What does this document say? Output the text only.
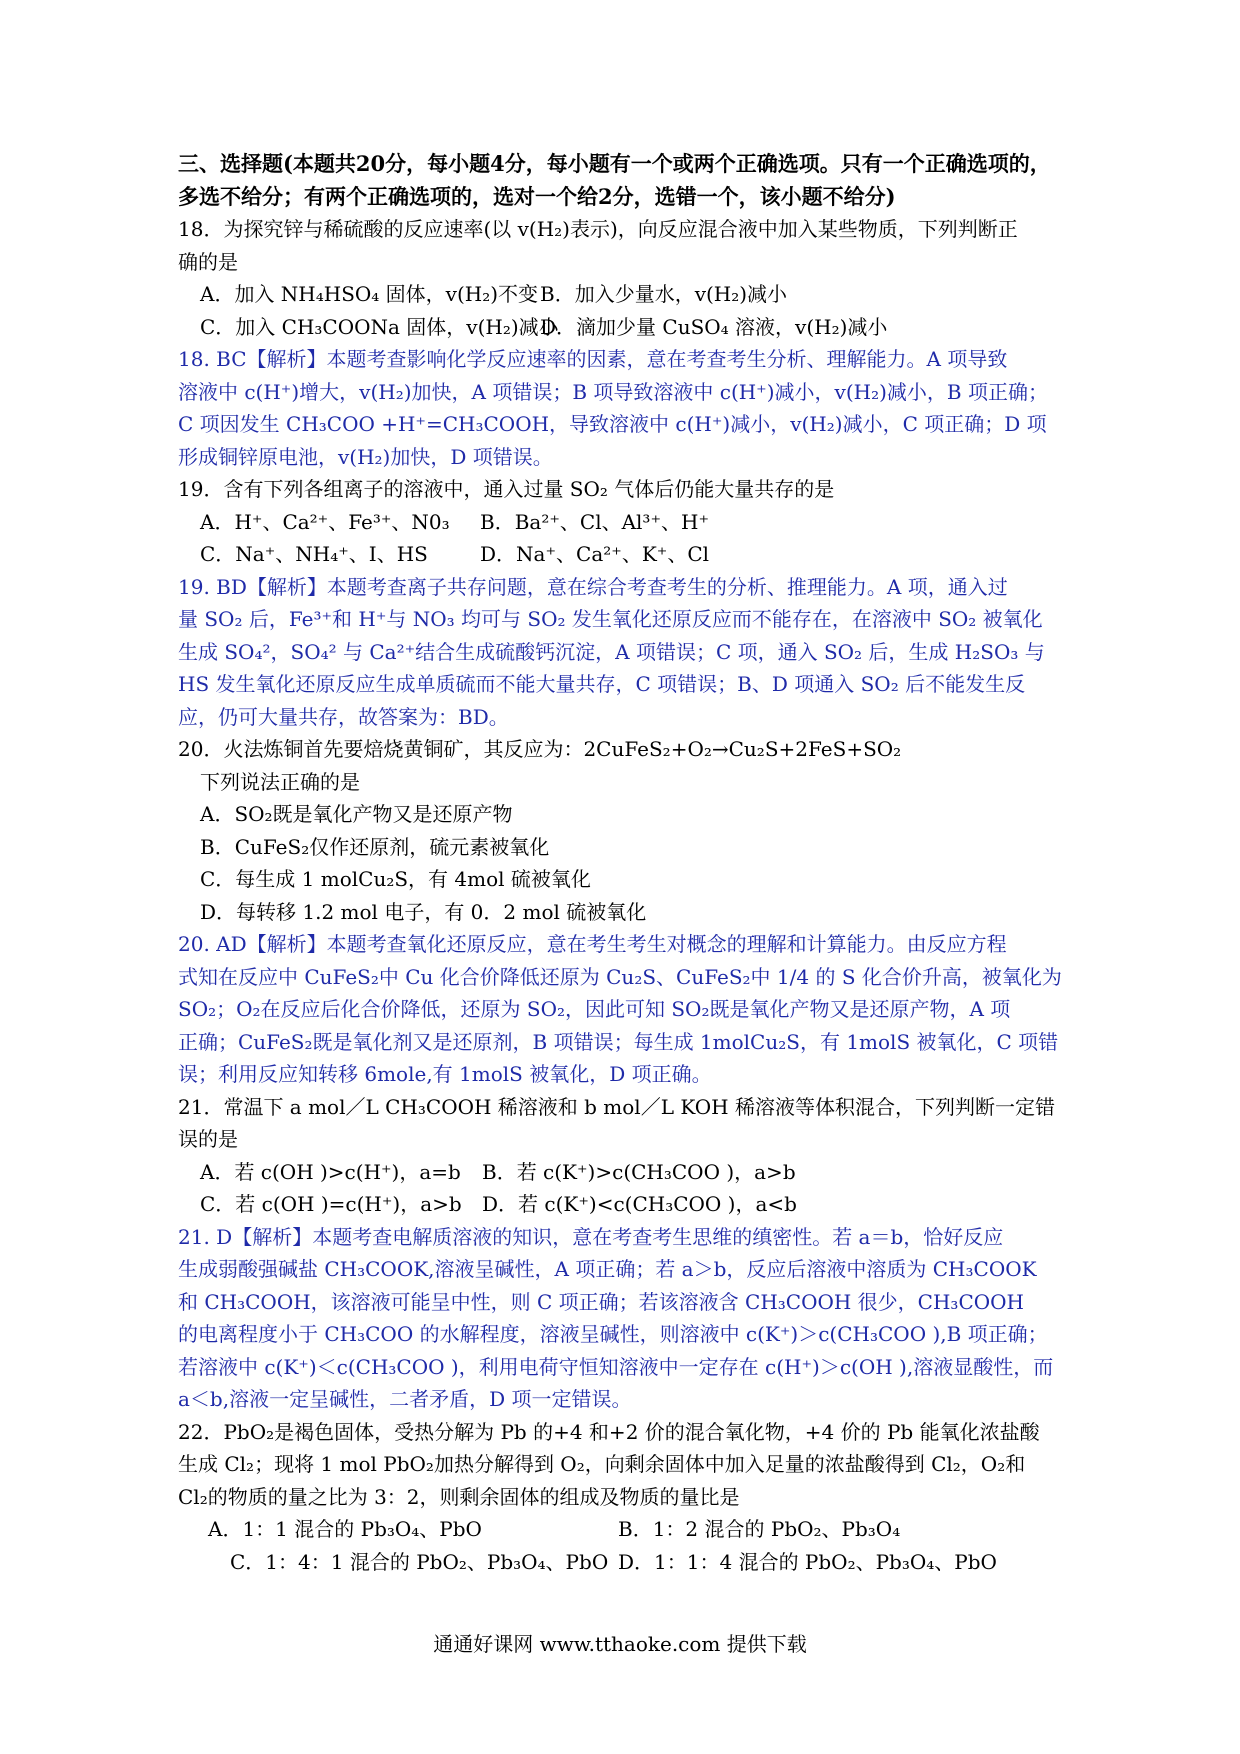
三、选择题(本题共20分，每小题4分，每小题有一个或两个正确选项。只有一个正确选项的，
多选不给分；有两个正确选项的，选对一个给2分，选错一个，该小题不给分)
18．为探究锌与稀硫酸的反应速率(以 v(H₂)表示)，向反应混合液中加入某些物质，下列判断正
确的是
A．加入 NH₄HSO₄ 固体，v(H₂)不变 B．加入少量水，v(H₂)减小
C．加入 CH₃COONa 固体，v(H₂)减小
D．滴加少量 CuSO₄ 溶液，v(H₂)减小
18. BC【解析】本题考查影响化学反应速率的因素，意在考查考生分析、理解能力。A 项导致
溶液中 c(H⁺)增大，v(H₂)加快，A 项错误；B 项导致溶液中 c(H⁺)减小，v(H₂)减小，B 项正确；
C 项因发生 CH₃COO +H⁺=CH₃COOH，导致溶液中 c(H⁺)减小，v(H₂)减小，C 项正确；D 项
形成铜锌原电池，v(H₂)加快，D 项错误。
19．含有下列各组离子的溶液中，通入过量 SO₂ 气体后仍能大量共存的是
A．H⁺、Ca²⁺、Fe³⁺、N0₃	B．Ba²⁺、Cl、Al³⁺、H⁺
C．Na⁺、NH₄⁺、I、HS	D．Na⁺、Ca²⁺、K⁺、Cl
19. BD【解析】本题考查离子共存问题，意在综合考查考生的分析、推理能力。A 项，通入过
量 SO₂ 后，Fe³⁺和 H⁺与 NO₃ 均可与 SO₂ 发生氧化还原反应而不能存在，在溶液中 SO₂ 被氧化
生成 SO₄²，SO₄² 与 Ca²⁺结合生成硫酸钙沉淀，A 项错误；C 项，通入 SO₂ 后，生成 H₂SO₃ 与
HS 发生氧化还原反应生成单质硫而不能大量共存，C 项错误；B、D 项通入 SO₂ 后不能发生反
应，仍可大量共存，故答案为：BD。
20．火法炼铜首先要焙烧黄铜矿，其反应为：2CuFeS₂+O₂→Cu₂S+2FeS+SO₂
下列说法正确的是
A．SO₂既是氧化产物又是还原产物
B．CuFeS₂仅作还原剂，硫元素被氧化
C．每生成 1 molCu₂S，有 4mol 硫被氧化
D．每转移 1.2 mol 电子，有 0．2 mol 硫被氧化
20. AD【解析】本题考查氧化还原反应，意在考生考生对概念的理解和计算能力。由反应方程
式知在反应中 CuFeS₂中 Cu 化合价降低还原为 Cu₂S、CuFeS₂中 1/4 的 S 化合价升高，被氧化为
SO₂；O₂在反应后化合价降低，还原为 SO₂，因此可知 SO₂既是氧化产物又是还原产物，A 项
正确；CuFeS₂既是氧化剂又是还原剂，B 项错误；每生成 1molCu₂S，有 1molS 被氧化，C 项错
误；利用反应知转移 6mole,有 1molS 被氧化，D 项正确。
21．常温下 a mol／L CH₃COOH 稀溶液和 b mol／L KOH 稀溶液等体积混合，下列判断一定错
误的是
A．若 c(OH )>c(H⁺)，a=b	B．若 c(K⁺)>c(CH₃COO )，a>b
C．若 c(OH )=c(H⁺)，a>b	D．若 c(K⁺)<c(CH₃COO )，a<b
21. D【解析】本题考查电解质溶液的知识，意在考查考生思维的缜密性。若 a＝b，恰好反应
生成弱酸强碱盐 CH₃COOK,溶液呈碱性，A 项正确；若 a＞b，反应后溶液中溶质为 CH₃COOK
和 CH₃COOH，该溶液可能呈中性，则 C 项正确；若该溶液含 CH₃COOH 很少，CH₃COOH
的电离程度小于 CH₃COO 的水解程度，溶液呈碱性，则溶液中 c(K⁺)＞c(CH₃COO ),B 项正确；
若溶液中 c(K⁺)＜c(CH₃COO )，利用电荷守恒知溶液中一定存在 c(H⁺)＞c(OH ),溶液显酸性，而
a＜b,溶液一定呈碱性，二者矛盾，D 项一定错误。
22．PbO₂是褐色固体，受热分解为 Pb 的+4 和+2 价的混合氧化物，+4 价的 Pb 能氧化浓盐酸
生成 Cl₂；现将 1 mol PbO₂加热分解得到 O₂，向剩余固体中加入足量的浓盐酸得到 Cl₂，O₂和
Cl₂的物质的量之比为 3：2，则剩余固体的组成及物质的量比是
A．1：1 混合的 Pb₃O₄、PbO	B．1：2 混合的 PbO₂、Pb₃O₄
C．1：4：1 混合的 PbO₂、Pb₃O₄、PbO D．1：1：4 混合的 PbO₂、Pb₃O₄、PbO
通通好课网 www.tthaoke.com 提供下载
